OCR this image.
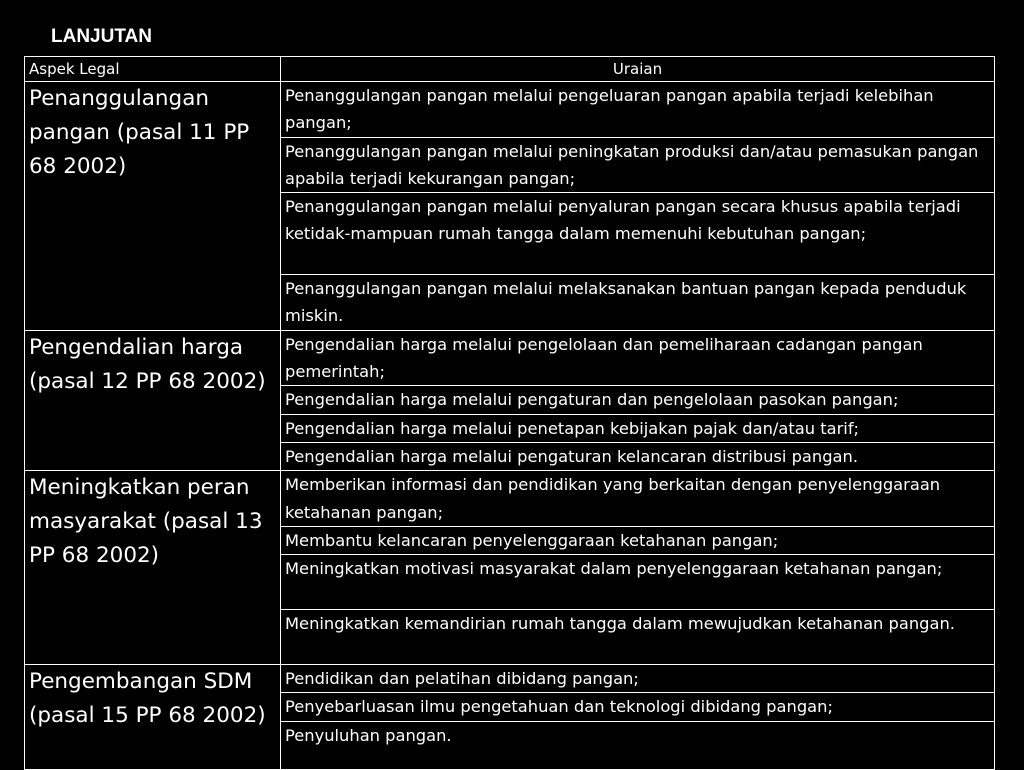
LANJUTAN
Aspek Legal	Uraian
Penanggulangan pangan (pasal 11 PP 68 2002)	Penanggulangan pangan melalui pengeluaran pangan apabila terjadi kelebihan pangan;
	Penanggulangan pangan melalui peningkatan produksi dan/atau pemasukan pangan apabila terjadi kekurangan pangan;
	Penanggulangan pangan melalui penyaluran pangan secara khusus apabila terjadi ketidak-mampuan rumah tangga dalam memenuhi kebutuhan pangan;
	Penanggulangan pangan melalui melaksanakan bantuan pangan kepada penduduk miskin.
Pengendalian harga (pasal 12 PP 68 2002)	Pengendalian harga melalui pengelolaan dan pemeliharaan cadangan pangan pemerintah;
	Pengendalian harga melalui pengaturan dan pengelolaan pasokan pangan;
	Pengendalian harga melalui penetapan kebijakan pajak dan/atau tarif;
	Pengendalian harga melalui pengaturan kelancaran distribusi pangan.
Meningkatkan peran masyarakat (pasal 13 PP 68 2002)	Memberikan informasi dan pendidikan yang berkaitan dengan penyelenggaraan ketahanan pangan;
	Membantu kelancaran penyelenggaraan ketahanan pangan;
	Meningkatkan motivasi masyarakat dalam penyelenggaraan ketahanan pangan;
	Meningkatkan kemandirian rumah tangga dalam mewujudkan ketahanan pangan.
Pengembangan SDM (pasal 15 PP 68 2002)	Pendidikan dan pelatihan dibidang pangan;
	Penyebarluasan ilmu pengetahuan dan teknologi dibidang pangan;
	Penyuluhan pangan.
